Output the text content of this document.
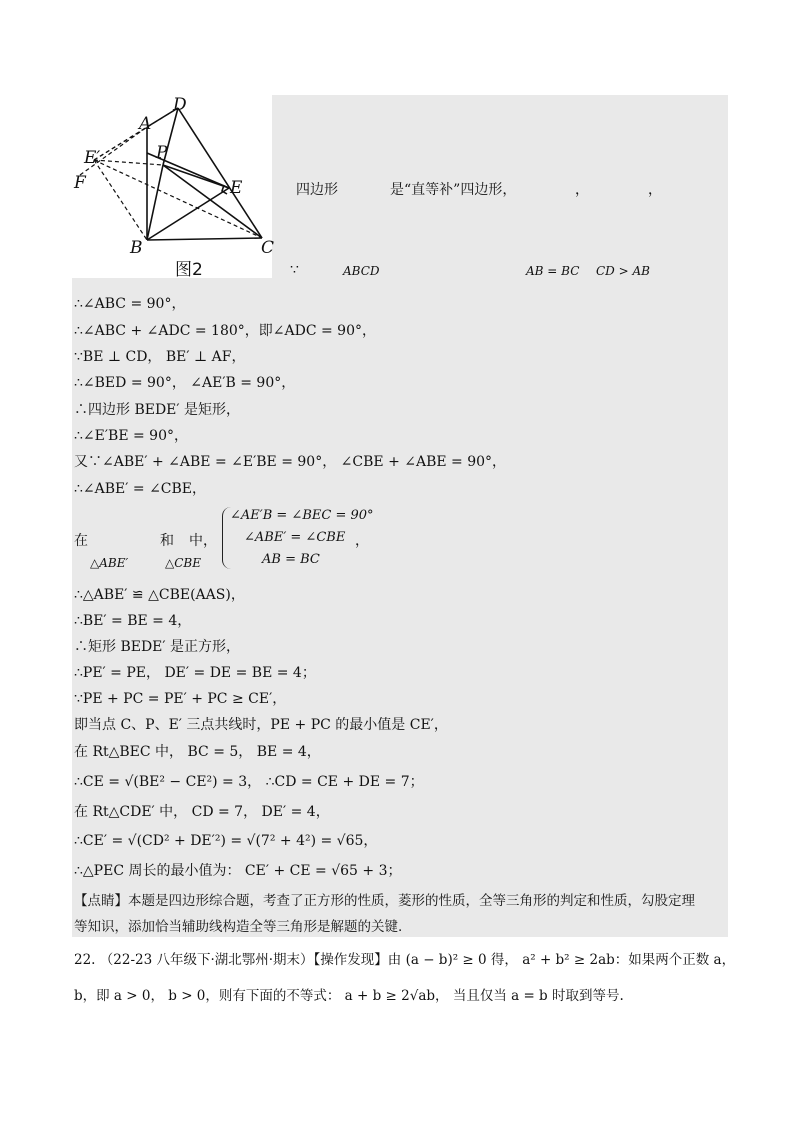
A
D
P
E
E′
F
B	C
图2
四边形	是“直等补”四边形，	，	，
∵	ABCD	AB = BC CD > AB
∴∠ABC = 90°，
∴∠ABC + ∠ADC = 180°，即∠ADC = 90°，
∵BE ⊥ CD， BE′ ⊥ AF，
∴∠BED = 90°， ∠AE′B = 90°，
∴四边形 BEDE′ 是矩形，
∴∠E′BE = 90°，
又∵∠ABE′ + ∠ABE = ∠E′BE = 90°， ∠CBE + ∠ABE = 90°，
∴∠ABE′ = ∠CBE，
在	和 中，
△ABE′	△CBE
∠AE′B = ∠BEC = 90°
∠ABE′ = ∠CBE
AB = BC
，
∴△ABE′ ≌ △CBE(AAS)，
∴BE′ = BE = 4，
∴矩形 BEDE′ 是正方形，
∴PE′ = PE， DE′ = DE = BE = 4；
∵PE + PC = PE′ + PC ≥ CE′，
即当点 C、P、E′ 三点共线时，PE + PC 的最小值是 CE′，
在 Rt△BEC 中， BC = 5， BE = 4，
∴CE = √(BE² − CE²) = 3， ∴CD = CE + DE = 7；
在 Rt△CDE′ 中， CD = 7， DE′ = 4，
∴CE′ = √(CD² + DE′²) = √(7² + 4²) = √65，
∴△PEC 周长的最小值为： CE′ + CE = √65 + 3；
【点睛】本题是四边形综合题，考查了正方形的性质，菱形的性质，全等三角形的判定和性质，勾股定理
等知识，添加恰当辅助线构造全等三角形是解题的关键.
22. （22-23 八年级下·湖北鄂州·期末）【操作发现】由 (a − b)² ≥ 0 得， a² + b² ≥ 2ab：如果两个正数 a，
b，即 a > 0， b > 0，则有下面的不等式： a + b ≥ 2√ab， 当且仅当 a = b 时取到等号.
